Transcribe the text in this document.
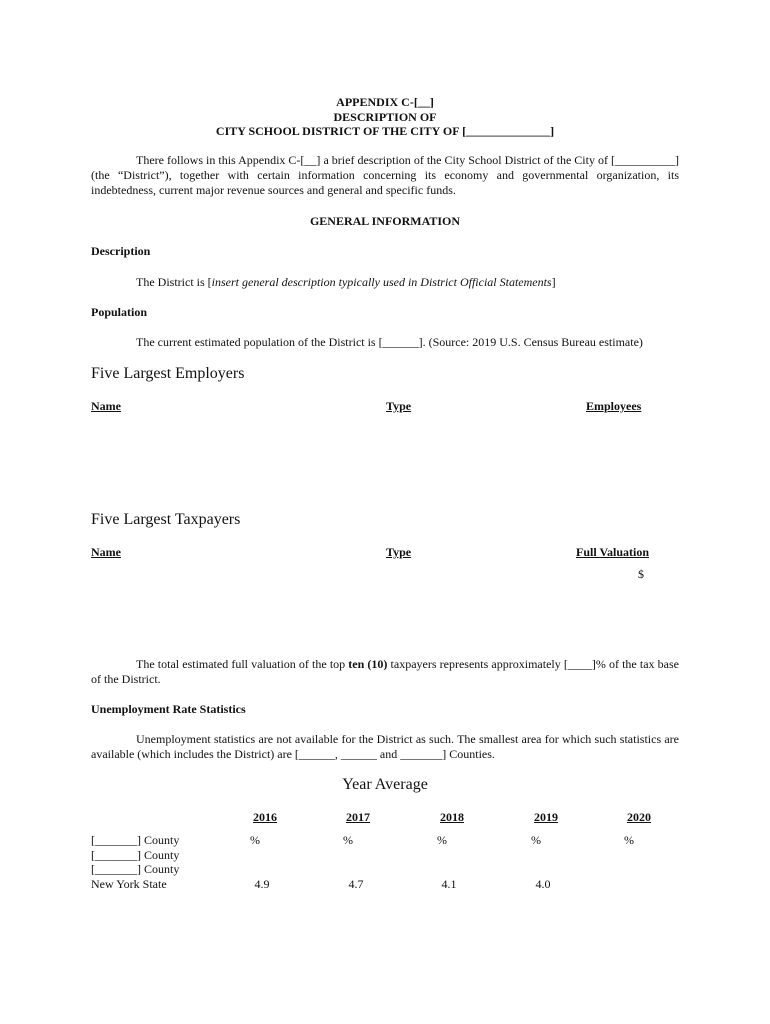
APPENDIX C-[__]
DESCRIPTION OF
CITY SCHOOL DISTRICT OF THE CITY OF [______________]
There follows in this Appendix C-[__] a brief description of the City School District of the City of [__________] (the “District”), together with certain information concerning its economy and governmental organization, its indebtedness, current major revenue sources and general and specific funds.
GENERAL INFORMATION
Description
The District is [insert general description typically used in District Official Statements]
Population
The current estimated population of the District is [______]. (Source: 2019 U.S. Census Bureau estimate)
Five Largest Employers
Name	Type	Employees
Five Largest Taxpayers
Name	Type	Full Valuation
$
The total estimated full valuation of the top ten (10) taxpayers represents approximately [____]% of the tax base of the District.
Unemployment Rate Statistics
Unemployment statistics are not available for the District as such. The smallest area for which such statistics are available (which includes the District) are [______, ______ and _______] Counties.
Year Average
2016	2017	2018	2019	2020
[_______] County	%	%	%	%	%
[_______] County
[_______] County
New York State	4.9	4.7	4.1	4.0
